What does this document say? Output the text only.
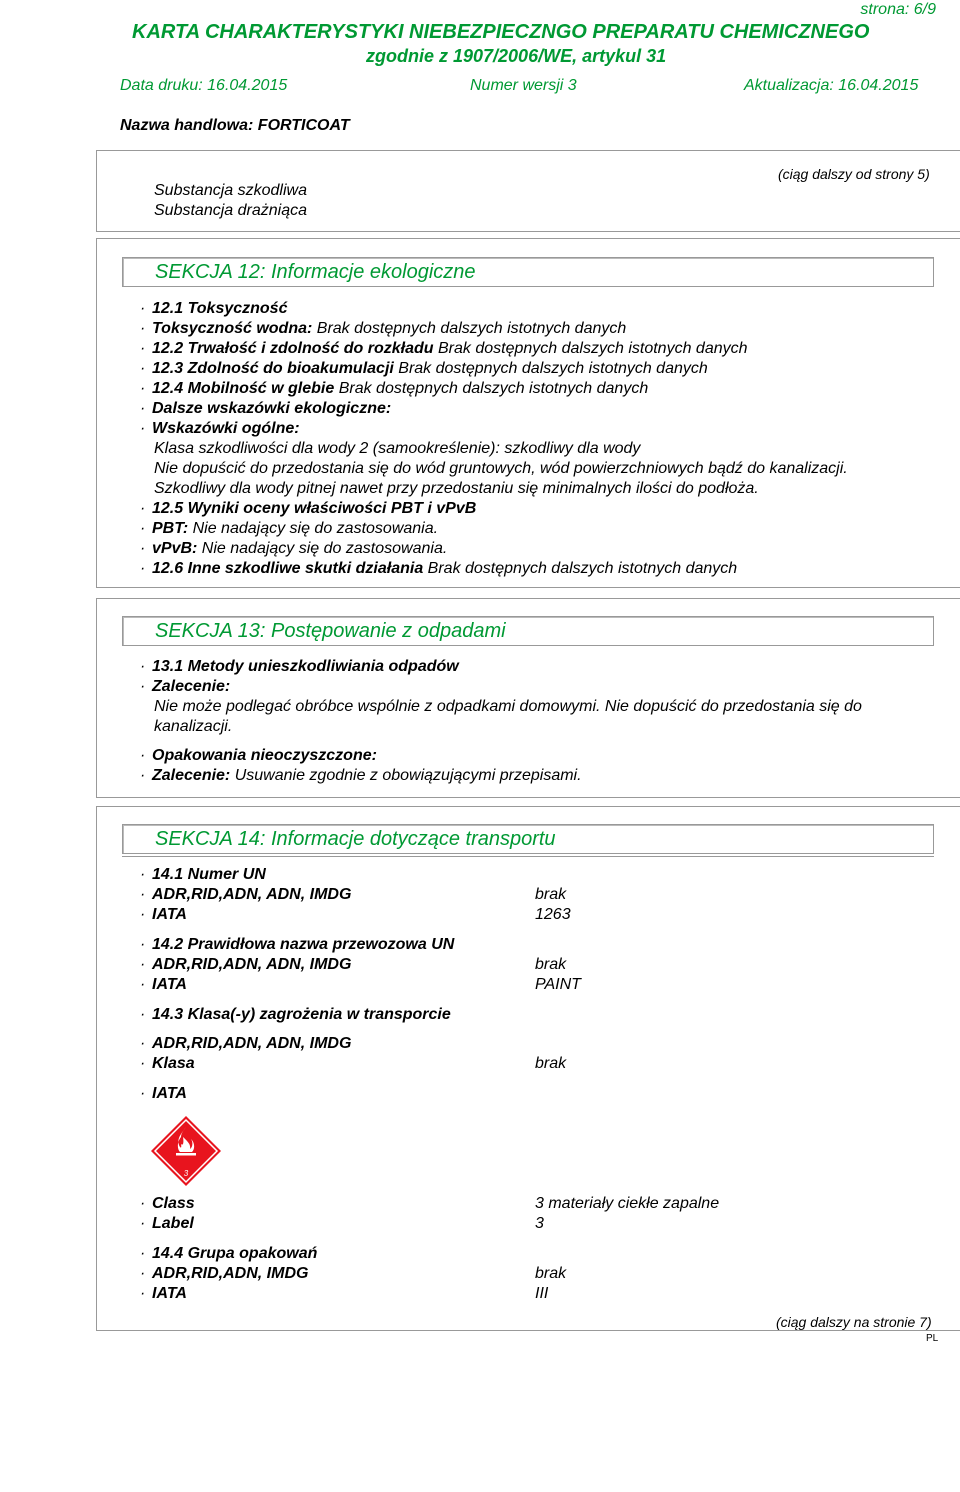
strona: 6/9
KARTA CHARAKTERYSTYKI NIEBEZPIECZNGO PREPARATU CHEMICZNEGO
zgodnie z 1907/2006/WE, artykul 31
Data druku: 16.04.2015	Numer wersji 3	Aktualizacja: 16.04.2015
Nazwa handlowa: FORTICOAT
(ciąg dalszy od strony 5)
Substancja szkodliwa
Substancja drażniąca
SEKCJA 12: Informacje ekologiczne
· 12.1 Toksyczność
· Toksyczność wodna: Brak dostępnych dalszych istotnych danych
· 12.2 Trwałość i zdolność do rozkładu Brak dostępnych dalszych istotnych danych
· 12.3 Zdolność do bioakumulacji Brak dostępnych dalszych istotnych danych
· 12.4 Mobilność w glebie Brak dostępnych dalszych istotnych danych
· Dalsze wskazówki ekologiczne:
· Wskazówki ogólne:
Klasa szkodliwości dla wody 2 (samookreślenie): szkodliwy dla wody
Nie dopuścić do przedostania się do wód gruntowych, wód powierzchniowych bądź do kanalizacji.
Szkodliwy dla wody pitnej nawet przy przedostaniu się minimalnych ilości do podłoża.
· 12.5 Wyniki oceny właściwości PBT i vPvB
· PBT: Nie nadający się do zastosowania.
· vPvB: Nie nadający się do zastosowania.
· 12.6 Inne szkodliwe skutki działania Brak dostępnych dalszych istotnych danych
SEKCJA 13: Postępowanie z odpadami
· 13.1 Metody unieszkodliwiania odpadów
· Zalecenie:
Nie może podlegać obróbce wspólnie z odpadkami domowymi. Nie dopuścić do przedostania się do
kanalizacji.
· Opakowania nieoczyszczone:
· Zalecenie: Usuwanie zgodnie z obowiązującymi przepisami.
SEKCJA 14: Informacje dotyczące transportu
· 14.1 Numer UN
· ADR,RID,ADN, ADN, IMDG	brak
· IATA	1263
· 14.2 Prawidłowa nazwa przewozowa UN
· ADR,RID,ADN, ADN, IMDG	brak
· IATA	PAINT
· 14.3 Klasa(-y) zagrożenia w transporcie
· ADR,RID,ADN, ADN, IMDG
· Klasa	brak
· IATA
3
· Class	3 materiały ciekłe zapalne
· Label	3
· 14.4 Grupa opakowań
· ADR,RID,ADN, IMDG	brak
· IATA	III
(ciąg dalszy na stronie 7)
PL
